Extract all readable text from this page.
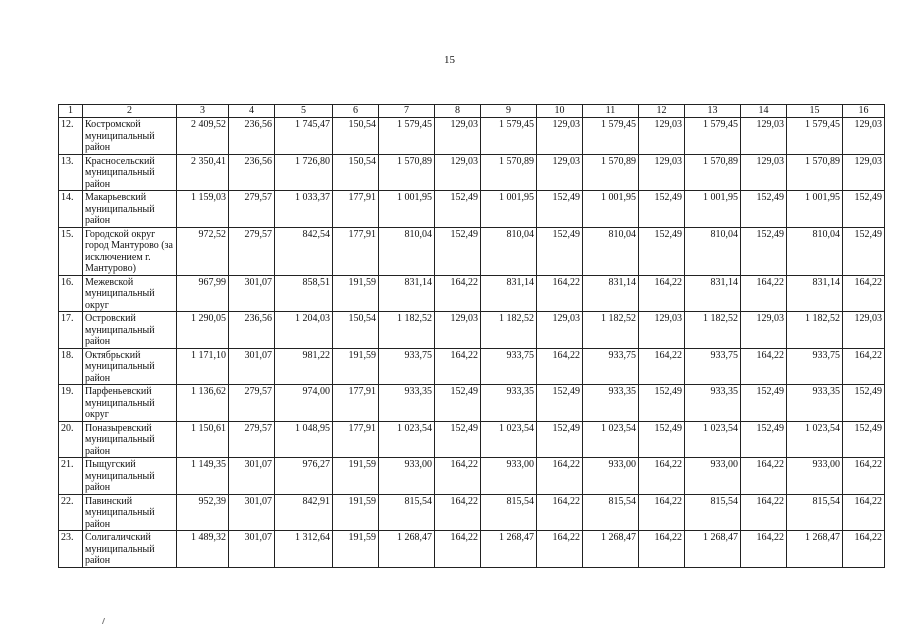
15
1	2	3	4	5	6	7	8	9	10	11	12	13	14	15	16
12.	Костромской муниципальный район	2 409,52	236,56	1 745,47	150,54	1 579,45	129,03	1 579,45	129,03	1 579,45	129,03	1 579,45	129,03	1 579,45	129,03
13.	Красносельский муниципальный район	2 350,41	236,56	1 726,80	150,54	1 570,89	129,03	1 570,89	129,03	1 570,89	129,03	1 570,89	129,03	1 570,89	129,03
14.	Макарьевский муниципальный район	1 159,03	279,57	1 033,37	177,91	1 001,95	152,49	1 001,95	152,49	1 001,95	152,49	1 001,95	152,49	1 001,95	152,49
15.	Городской округ город Мантурово (за исключением г. Мантурово)	972,52	279,57	842,54	177,91	810,04	152,49	810,04	152,49	810,04	152,49	810,04	152,49	810,04	152,49
16.	Межевской муниципальный округ	967,99	301,07	858,51	191,59	831,14	164,22	831,14	164,22	831,14	164,22	831,14	164,22	831,14	164,22
17.	Островский муниципальный район	1 290,05	236,56	1 204,03	150,54	1 182,52	129,03	1 182,52	129,03	1 182,52	129,03	1 182,52	129,03	1 182,52	129,03
18.	Октябрьский муниципальный район	1 171,10	301,07	981,22	191,59	933,75	164,22	933,75	164,22	933,75	164,22	933,75	164,22	933,75	164,22
19.	Парфеньевский муниципальный округ	1 136,62	279,57	974,00	177,91	933,35	152,49	933,35	152,49	933,35	152,49	933,35	152,49	933,35	152,49
20.	Поназыревский муниципальный район	1 150,61	279,57	1 048,95	177,91	1 023,54	152,49	1 023,54	152,49	1 023,54	152,49	1 023,54	152,49	1 023,54	152,49
21.	Пыщугский муниципальный район	1 149,35	301,07	976,27	191,59	933,00	164,22	933,00	164,22	933,00	164,22	933,00	164,22	933,00	164,22
22.	Павинский муниципальный район	952,39	301,07	842,91	191,59	815,54	164,22	815,54	164,22	815,54	164,22	815,54	164,22	815,54	164,22
23.	Солигаличский муниципальный район	1 489,32	301,07	1 312,64	191,59	1 268,47	164,22	1 268,47	164,22	1 268,47	164,22	1 268,47	164,22	1 268,47	164,22
